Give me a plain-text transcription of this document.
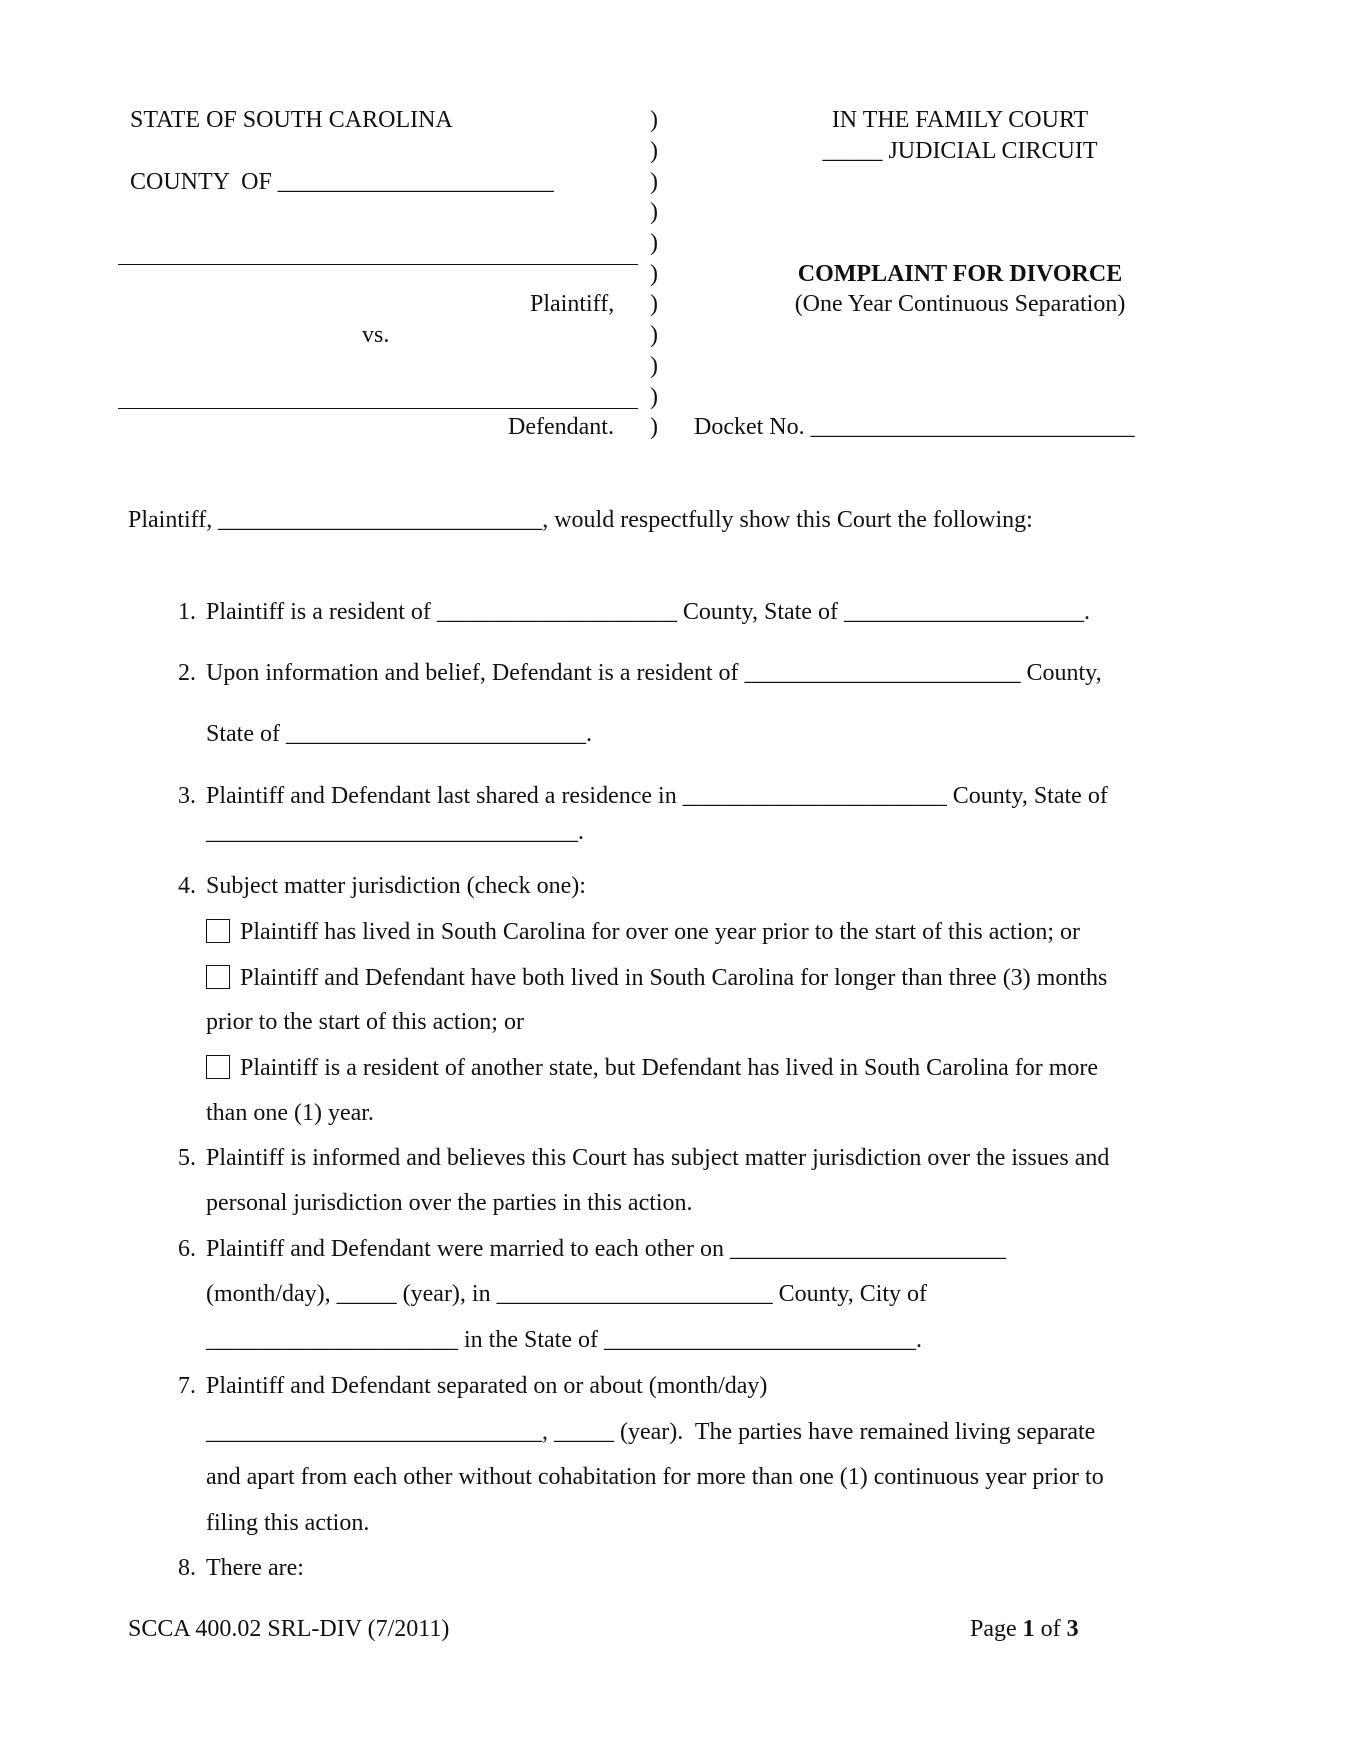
STATE OF SOUTH CAROLINA
COUNTY  OF _______________________
Plaintiff,
vs.
Defendant.
)
)
)
)
)
)
)
)
)
)
)
IN THE FAMILY COURT
_____ JUDICIAL CIRCUIT
COMPLAINT FOR DIVORCE
(One Year Continuous Separation)
Docket No. ___________________________
Plaintiff, ___________________________, would respectfully show this Court the following:
1. Plaintiff is a resident of ____________________ County, State of ____________________.
2. Upon information and belief, Defendant is a resident of _______________________ County,
State of _________________________.
3. Plaintiff and Defendant last shared a residence in ______________________ County, State of
_______________________________.
4. Subject matter jurisdiction (check one):
Plaintiff has lived in South Carolina for over one year prior to the start of this action; or
Plaintiff and Defendant have both lived in South Carolina for longer than three (3) months
prior to the start of this action; or
Plaintiff is a resident of another state, but Defendant has lived in South Carolina for more
than one (1) year.
5. Plaintiff is informed and believes this Court has subject matter jurisdiction over the issues and
personal jurisdiction over the parties in this action.
6. Plaintiff and Defendant were married to each other on _______________________
(month/day), _____ (year), in _______________________ County, City of
_____________________ in the State of __________________________.
7. Plaintiff and Defendant separated on or about (month/day)
____________________________, _____ (year).  The parties have remained living separate
and apart from each other without cohabitation for more than one (1) continuous year prior to
filing this action.
8. There are:
SCCA 400.02 SRL-DIV (7/2011)	Page 1 of 3
